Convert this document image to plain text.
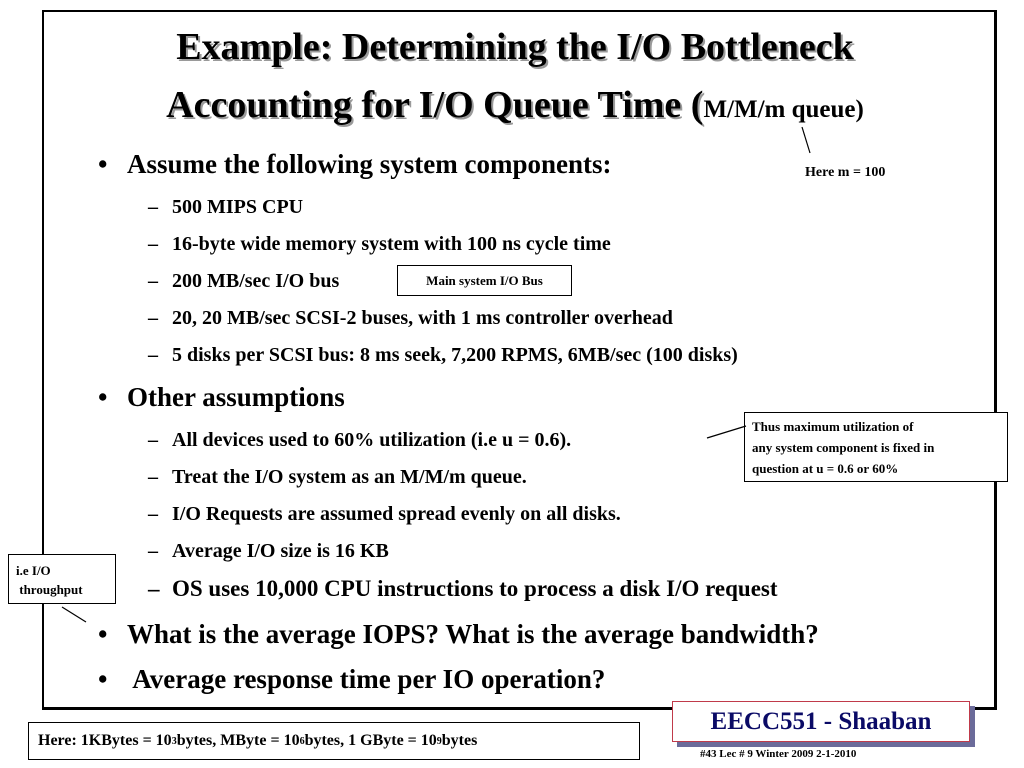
Example: Determining the I/O Bottleneck
Accounting for I/O Queue Time (M/M/m queue)
Here m = 100
• Assume the following system components:
– 500 MIPS CPU
– 16-byte wide memory system with 100 ns cycle time
– 200 MB/sec I/O bus
– 20, 20 MB/sec SCSI-2 buses, with 1 ms controller overhead
– 5 disks per SCSI bus: 8 ms seek, 7,200 RPMS, 6MB/sec (100 disks)
• Other assumptions
– All devices used to 60% utilization (i.e u = 0.6).
– Treat the I/O system as an M/M/m queue.
– I/O Requests are assumed spread evenly on all disks.
– Average I/O size is 16 KB
– OS uses 10,000 CPU instructions to process a disk I/O request
• What is the average IOPS? What is the average bandwidth?
• Average response time per IO operation?
Main system I/O Bus
Thus maximum utilization of
any system component is fixed in
question at u = 0.6 or 60%
i.e I/O
throughput
Here: 1KBytes = 10 3 bytes, MByte = 10 6 bytes, 1 GByte = 10 9 bytes
EECC551 - Shaaban
#43 Lec # 9 Winter 2009 2-1-2010
